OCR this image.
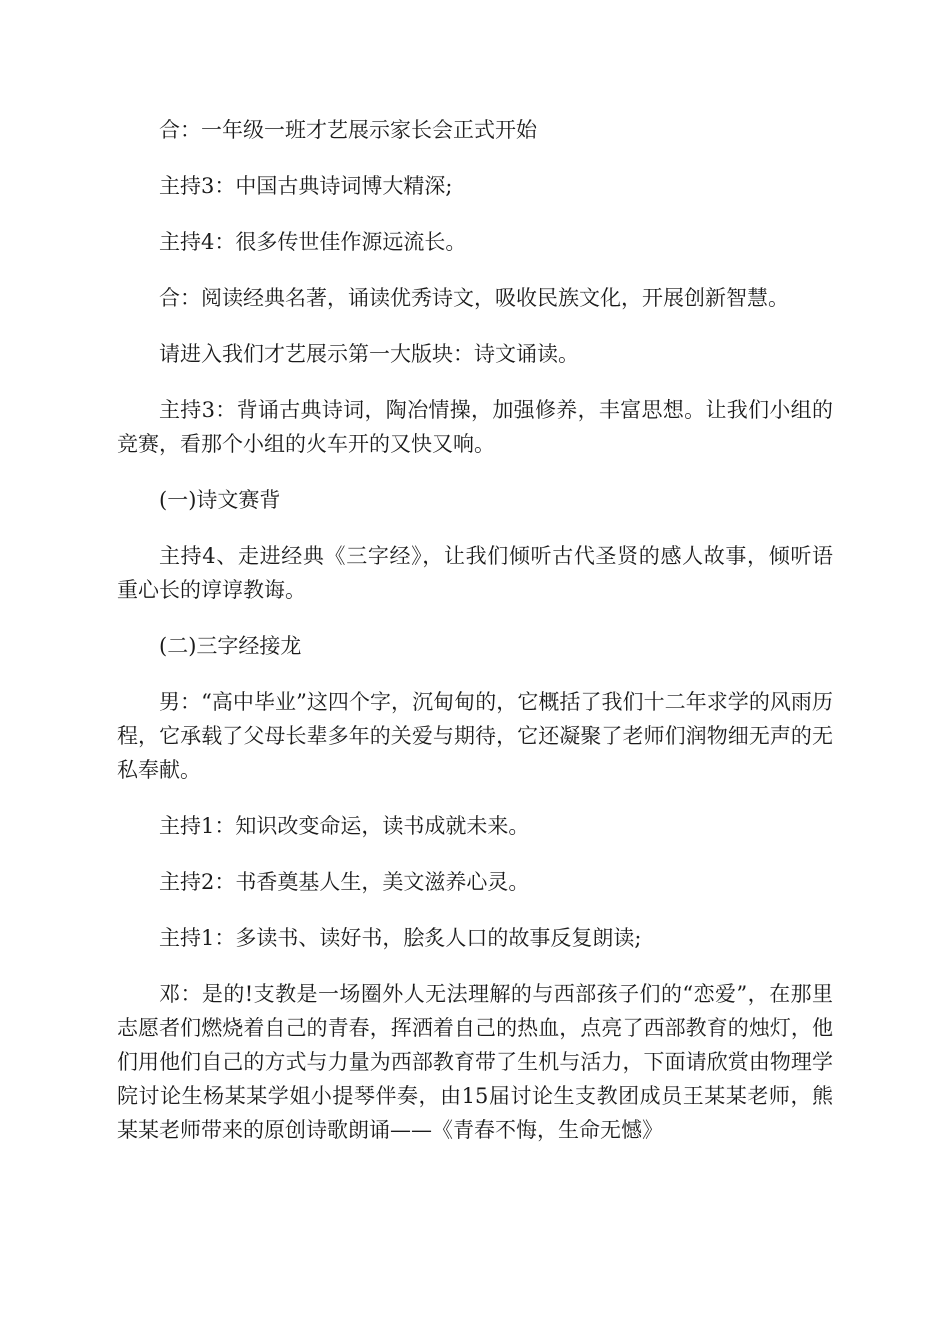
合：一年级一班才艺展示家长会正式开始

主持3：中国古典诗词博大精深;

主持4：很多传世佳作源远流长。

合：阅读经典名著，诵读优秀诗文，吸收民族文化，开展创新智慧。

请进入我们才艺展示第一大版块：诗文诵读。

主持3：背诵古典诗词，陶冶情操，加强修养，丰富思想。让我们小组的竞赛，看那个小组的火车开的又快又响。

(一)诗文赛背

主持4、走进经典《三字经》，让我们倾听古代圣贤的感人故事，倾听语重心长的谆谆教诲。

(二)三字经接龙

男：“高中毕业”这四个字，沉甸甸的，它概括了我们十二年求学的风雨历程，它承载了父母长辈多年的关爱与期待，它还凝聚了老师们润物细无声的无私奉献。

主持1：知识改变命运，读书成就未来。

主持2：书香奠基人生，美文滋养心灵。

主持1：多读书、读好书，脍炙人口的故事反复朗读;

邓：是的!支教是一场圈外人无法理解的与西部孩子们的“恋爱”，在那里志愿者们燃烧着自己的青春，挥洒着自己的热血，点亮了西部教育的烛灯，他们用他们自己的方式与力量为西部教育带了生机与活力，下面请欣赏由物理学院讨论生杨某某学姐小提琴伴奏，由15届讨论生支教团成员王某某老师，熊某某老师带来的原创诗歌朗诵——《青春不悔，生命无憾》
